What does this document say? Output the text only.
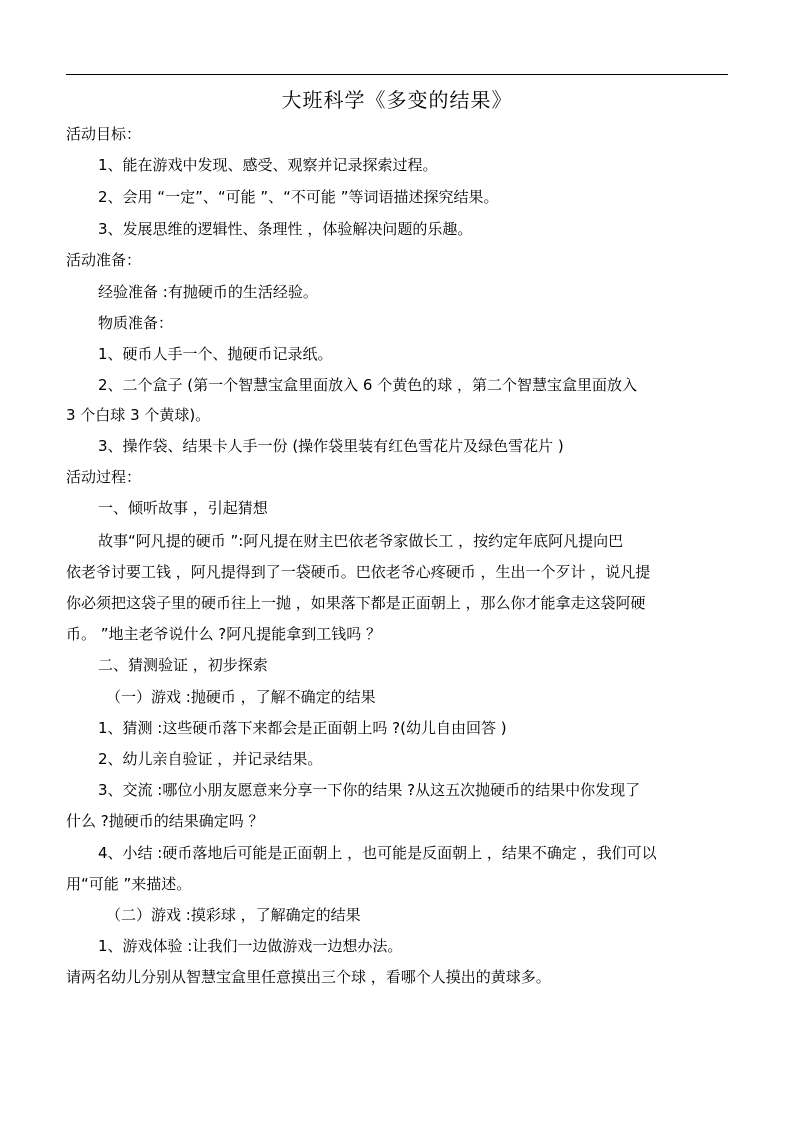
大班科学《多变的结果》
活动目标：
1、能在游戏中发现、感受、观察并记录探索过程。
2、会用 “一定”、“可能 ”、“不可能 ”等词语描述探究结果。
3、发展思维的逻辑性、条理性 ，体验解决问题的乐趣。
活动准备：
经验准备 :有抛硬币的生活经验。
物质准备：
1、硬币人手一个、抛硬币记录纸。
2、二个盒子 (第一个智慧宝盒里面放入 6 个黄色的球 ，第二个智慧宝盒里面放入
3 个白球 3 个黄球)。
3、操作袋、结果卡人手一份 (操作袋里装有红色雪花片及绿色雪花片 )
活动过程：
一、倾听故事 ，引起猜想
故事“阿凡提的硬币 ”:阿凡提在财主巴依老爷家做长工 ，按约定年底阿凡提向巴
依老爷讨要工钱 ，阿凡提得到了一袋硬币。巴依老爷心疼硬币 ，生出一个歹计 ，说凡提
你必须把这袋子里的硬币往上一抛 ，如果落下都是正面朝上 ，那么你才能拿走这袋阿硬
币。 ”地主老爷说什么 ?阿凡提能拿到工钱吗 ？
二、猜测验证 ，初步探索
（一）游戏 :抛硬币 ，了解不确定的结果
1、猜测 :这些硬币落下来都会是正面朝上吗 ?(幼儿自由回答 )
2、幼儿亲自验证 ，并记录结果。
3、交流 :哪位小朋友愿意来分享一下你的结果 ?从这五次抛硬币的结果中你发现了
什么 ?抛硬币的结果确定吗 ？
4、小结 :硬币落地后可能是正面朝上 ，也可能是反面朝上 ，结果不确定 ，我们可以
用“可能 ”来描述。
（二）游戏 :摸彩球 ，了解确定的结果
1、游戏体验 :让我们一边做游戏一边想办法。
请两名幼儿分别从智慧宝盒里任意摸出三个球 ，看哪个人摸出的黄球多。
